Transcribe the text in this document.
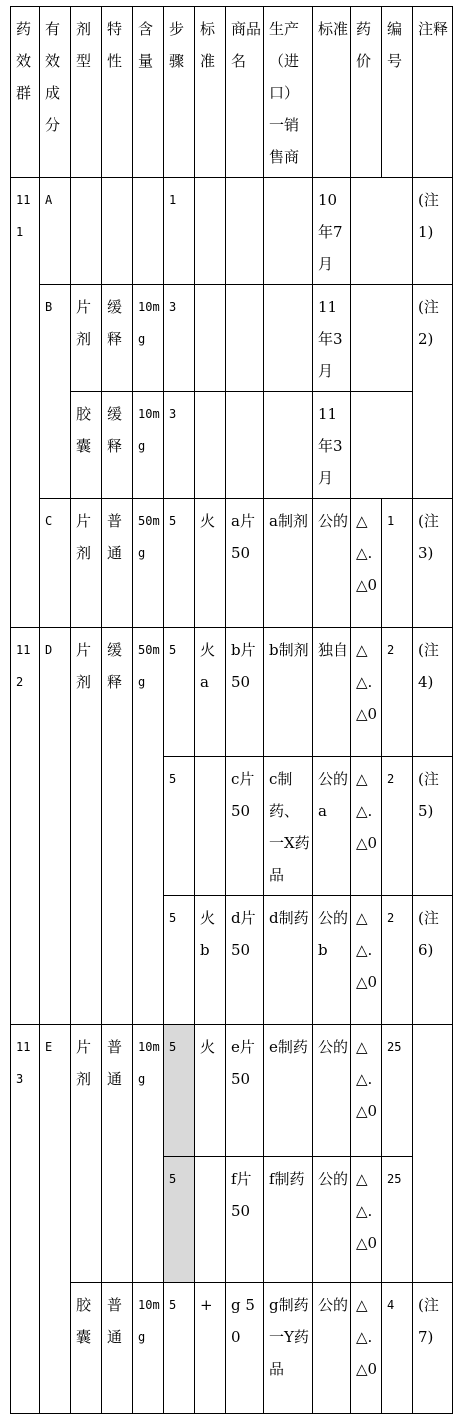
药效群	有效成分	剂型	特性	含量	步骤	标准	商品名	生产（进口）一销售商	标准	药价	编号	注释
111	A				1				10年7月			(注1)
	B	片剂	缓释	10mg	3				11年3月			(注2)
		胶囊	缓释	10mg	3				11年3月			
	C	片剂	普通	50mg	5	火	a片50	a制剂	公的	△△.△0	1	(注3)
112	D	片剂	缓释	50mg	5	火a	b片50	b制剂	独自	△△.△0	2	(注4)
					5		c片50	c制药、一X药品	公的a	△△.△0	2	(注5)
					5	火b	d片50	d制药	公的b	△△.△0	2	(注6)
113	E	片剂	普通	10mg	5	火	e片50	e制药	公的	△△.△0	25	
					5		f片50	f制药	公的	△△.△0	25	
		胶囊	普通	10mg	5	+	g 50	g制药一Y药品	公的	△△.△0	4	(注7)
